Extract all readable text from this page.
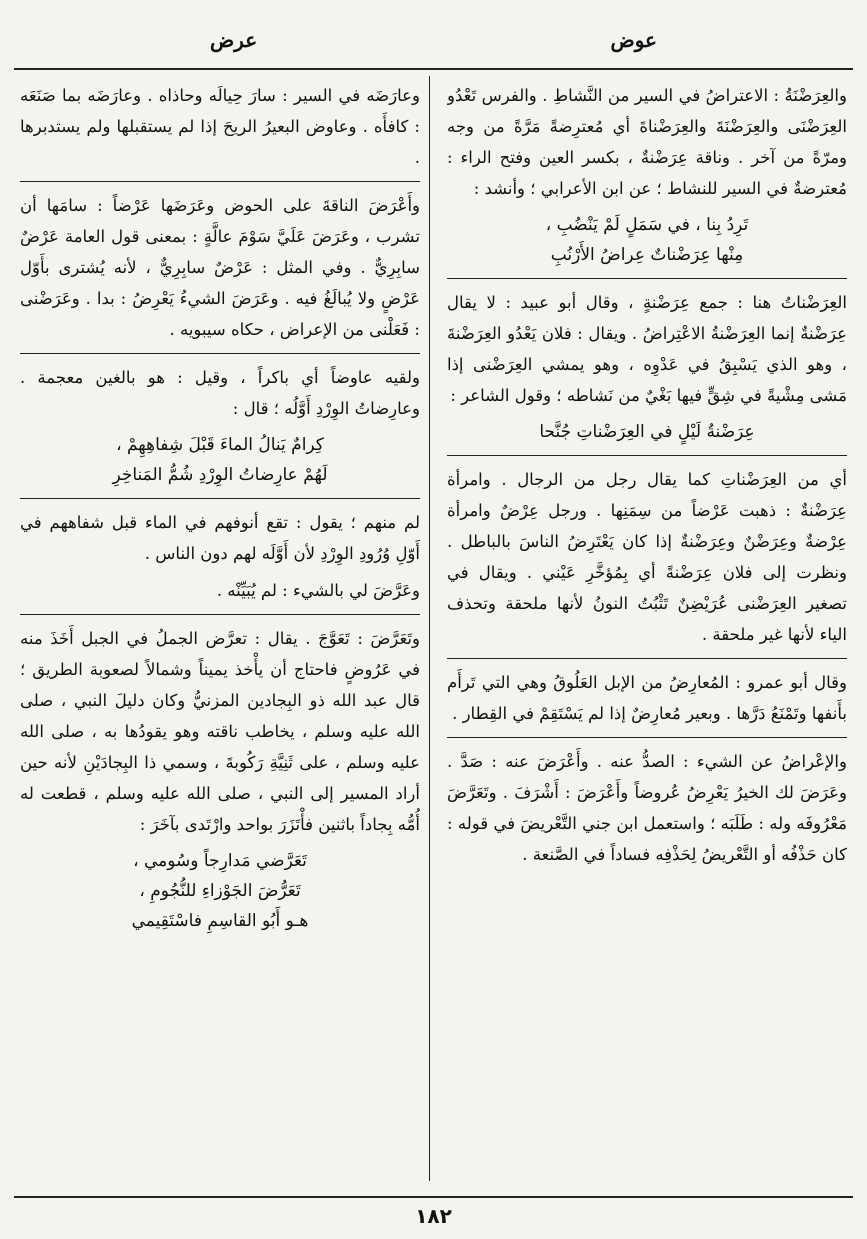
عوض
عرض

والعِرَضْنَةُ : الاعتراضُ في السير من النَّشاطِ . والفرس تَعْدُو العِرَضْنَى والعِرَضْنَةَ والعِرَضْناةَ أي مُعترِضةً مَرَّةً من وجه ومرّةً من آخر . وناقة عِرَضْنةٌ ، بكسر العين وفتح الراء : مُعترضةٌ في السير للنشاط ؛ عن ابن الأعرابي ؛ وأنشد :

تَرِدُ بِنا ، في سَمَلٍ لَمْ يَنْضُبِ ،
مِنْها عِرَضْناتٌ عِراضُ الأَرْنُبِ

العِرَضْناتُ هنا : جمع عِرَضْنةٍ ، وقال أبو عبيد : لا يقال عِرَضْنةٌ إنما العِرَضْنةُ الاعْتِراضُ . ويقال : فلان يَعْدُو العِرَضْنةَ ، وهو الذي يَسْبِقُ في عَدْوِه ، وهو يمشي العِرَضْنى إذا مَشى مِشْيةً في شِقٍّ فيها بَغْيٌ من نَشاطه ؛ وقول الشاعر :

عِرَضْنةُ لَيْلٍ في العِرَضْناتِ جُنَّحا

أي من العِرَضْناتِ كما يقال رجل من الرجال . وامرأة عِرَضْنةٌ : ذهبت عَرْضاً من سِمَنِها . ورجل عِرْضٌ وامرأة عِرْضةٌ وعِرَضْنٌ وعِرَضْنةٌ إذا كان يَعْتَرِضُ الناسَ بالباطل . ونظرت إلى فلان عِرَضْنةً أي بِمُؤخَّرِ عَيْني . ويقال في تصغير العِرَضْنى عُرَيْضِنٌ تَثْبُتُ النونُ لأنها ملحقة وتحذف الياء لأنها غير ملحقة .

وقال أبو عمرو : المُعارِضُ من الإبل العَلُوقُ وهي التي تَرأَم بأَنفها وتَمْنَعُ دَرَّها . وبعير مُعارِضٌ إذا لم يَسْتَقِمْ في القِطار .

والإعْراضُ عن الشيء : الصدُّ عنه . وأَعْرَضَ عنه : صَدَّ . وعَرَضَ لك الخيرُ يَعْرِضُ عُروضاً وأَعْرَضَ : أَشْرَفَ . وتَعَرَّضَ مَعْرُوفَه وله : طَلَبَه ؛ واستعمل ابن جني التَّعْريضَ في قوله : كان حَذْفُه أو التَّعْريضُ لِحَذْفِه فساداً في الصَّنعة .

وعارَضَه في السير : سارَ حِيالَه وحاذاه . وعارَضَه بما صَنَعَه : كافأَه . وعاوض البعيرُ الريحَ إذا لم يستقبلها ولم يستدبرها .

وأَعْرَضَ الناقةَ على الحوض وعَرَضَها عَرْضاً : سامَها أن تشرب ، وعَرَضَ عَلَيَّ سَوْمَ عالَّةٍ : بمعنى قول العامة عَرْضٌ سابِرِيٌّ . وفي المثل : عَرْضٌ سابِرِيٌّ ، لأنه يُشترى بأَوّل عَرْضٍ ولا يُبالَغُ فيه . وعَرَضَ الشيءُ يَعْرِضُ : بدا . وعَرَضْنى : فَعَلْنى من الإعراض ، حكاه سيبويه .

ولقيه عاوضاً أي باكراً ، وقيل : هو بالغين معجمة . وعارِضاتُ الوِرْدِ أَوَّلُه ؛ قال :

كِرامٌ يَنالُ الماءَ قَبْلَ شِفاهِهِمْ ،
لَهُمْ عارِضاتُ الوِرْدِ شُمُّ المَناخِرِ

لم منهم ؛ يقول : تقع أنوفهم في الماء قبل شفاههم في أَوّلِ وُرُودِ الوِرْدِ لأن أَوَّلَه لهم دون الناس .

وعَرَّضَ لي بالشيء : لم يُبَيِّنْه .

وتَعَرَّضَ : تَعَوَّجَ . يقال : تعرَّض الجملُ في الجبل أَخَذَ منه في عَرُوضٍ فاحتاج أن يأْخذ يميناً وشمالاً لصعوبة الطريق ؛ قال عبد الله ذو البِجادين المزنيُّ وكان دليلَ النبي ، صلى الله عليه وسلم ، يخاطب ناقته وهو يقودُها به ، صلى الله عليه وسلم ، على ثَنِيَّةِ رَكُوبةَ ، وسمي ذا البِجادَيْنِ لأنه حين أراد المسير إلى النبي ، صلى الله عليه وسلم ، قطعت له أُمُّه بِجاداً باثنين فأْتَزَرَ بواحد وارْتَدى بآخَرَ :

تَعَرَّضي مَدارِجاً وسُومي ،
تَعَرُّضَ الجَوْزاءِ للنُّجُومِ ،
هـو أَبُو القاسِمِ فاسْتَقِيمي
١٨٢
